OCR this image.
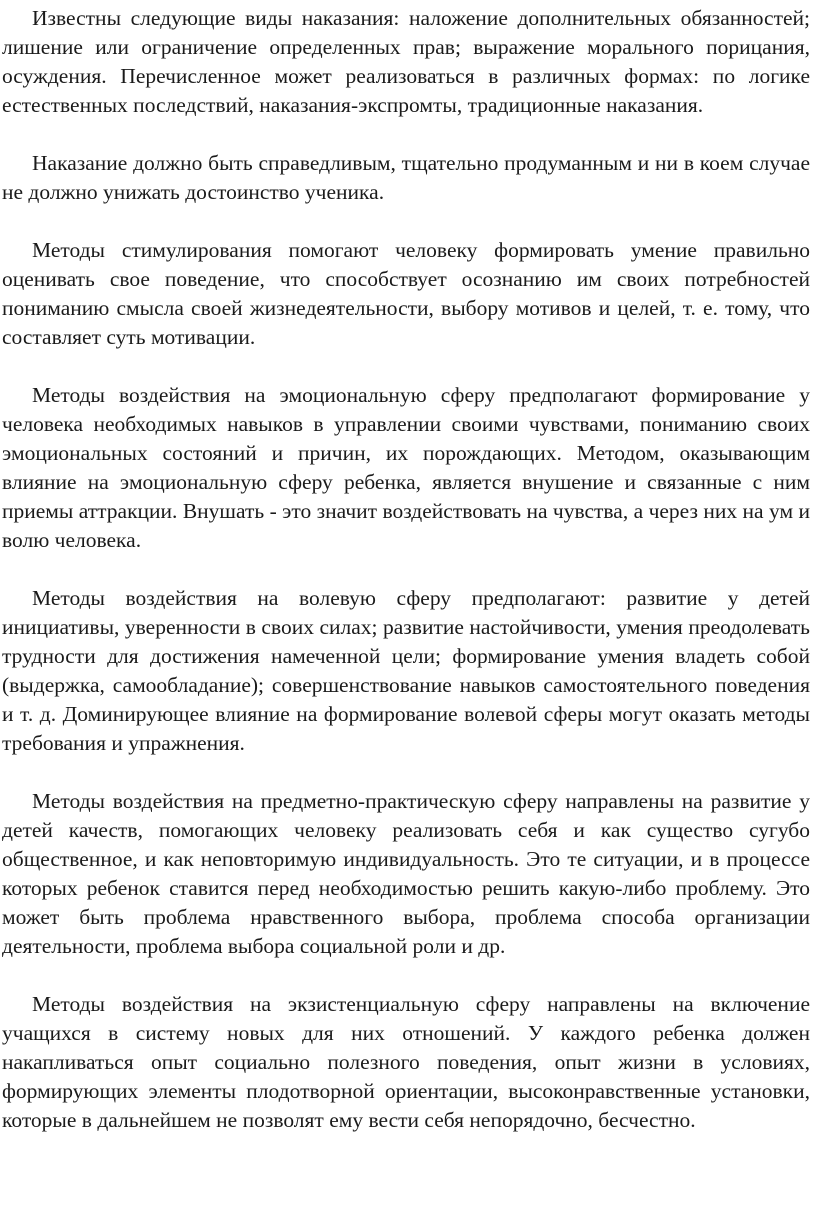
Известны следующие виды наказания: наложение дополнительных обязанностей; лишение или ограничение определенных прав; выражение морального порицания, осуждения. Перечисленное может реализоваться в различных формах: по логике естественных последствий, наказания-экспромты, традиционные наказания.

Наказание должно быть справедливым, тщательно продуманным и ни в коем случае не должно унижать достоинство ученика.

Методы стимулирования помогают человеку формировать умение правильно оценивать свое поведение, что способствует осознанию им своих потребностей пониманию смысла своей жизнедеятельности, выбору мотивов и целей, т. е. тому, что составляет суть мотивации.

Методы воздействия на эмоциональную сферу предполагают формирование у человека необходимых навыков в управлении своими чувствами, пониманию своих эмоциональных состояний и причин, их порождающих. Методом, оказывающим влияние на эмоциональную сферу ребенка, является внушение и связанные с ним приемы аттракции. Внушать - это значит воздействовать на чувства, а через них на ум и волю человека.

Методы воздействия на волевую сферу предполагают: развитие у детей инициативы, уверенности в своих силах; развитие настойчивости, умения преодолевать трудности для достижения намеченной цели; формирование умения владеть собой (выдержка, самообладание); совершенствование навыков самостоятельного поведения и т. д. Доминирующее влияние на формирование волевой сферы могут оказать методы требования и упражнения.

Методы воздействия на предметно-практическую сферу направлены на развитие у детей качеств, помогающих человеку реализовать себя и как существо сугубо общественное, и как неповторимую индивидуальность. Это те ситуации, и в процессе которых ребенок ставится перед необходимостью решить какую-либо проблему. Это может быть проблема нравственного выбора, проблема способа организации деятельности, проблема выбора социальной роли и др.

Методы воздействия на экзистенциальную сферу направлены на включение учащихся в систему новых для них отношений. У каждого ребенка должен накапливаться опыт социально полезного поведения, опыт жизни в условиях, формирующих элементы плодотворной ориентации, высоконравственные установки, которые в дальнейшем не позволят ему вести себя непорядочно, бесчестно.
